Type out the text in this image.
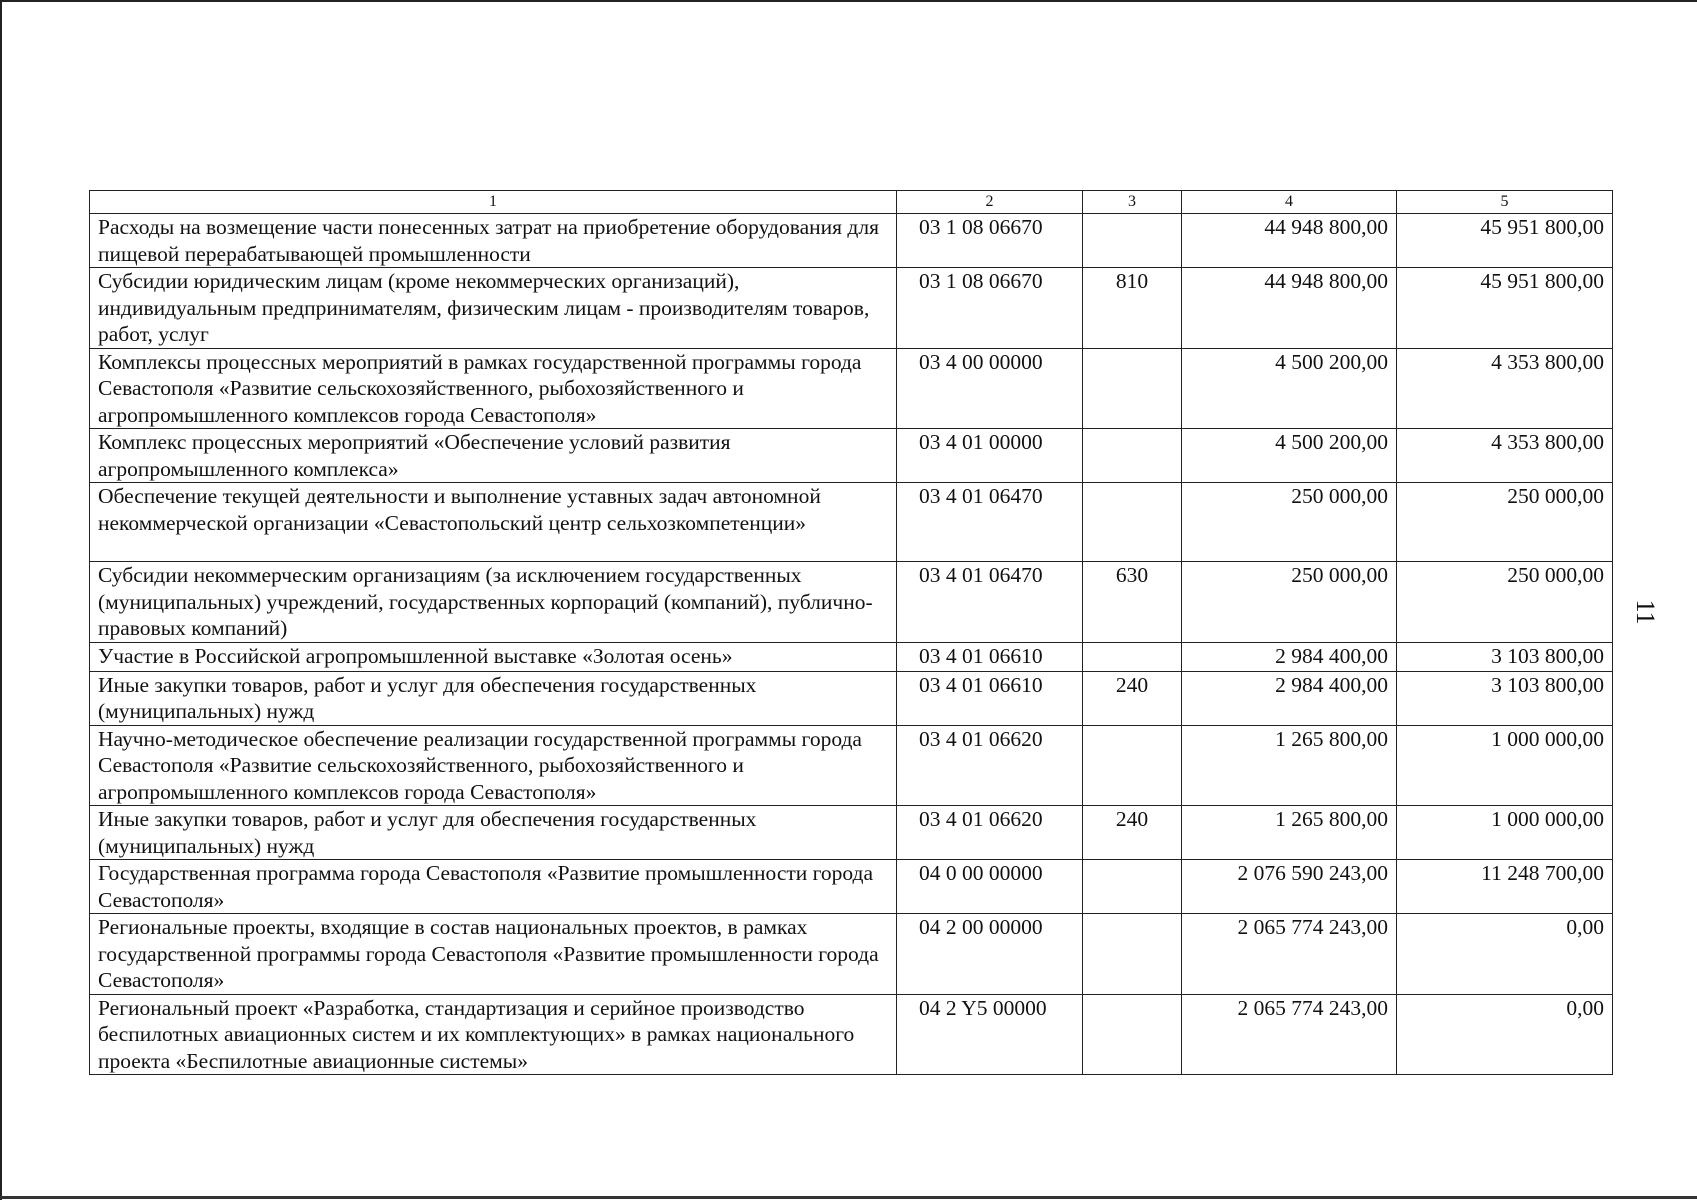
1	2	3	4	5
Расходы на возмещение части понесенных затрат на приобретение оборудования для пищевой перерабатывающей промышленности	03 1 08 06670		44 948 800,00	45 951 800,00
Субсидии юридическим лицам (кроме некоммерческих организаций), индивидуальным предпринимателям, физическим лицам - производителям товаров, работ, услуг	03 1 08 06670	810	44 948 800,00	45 951 800,00
Комплексы процессных мероприятий в рамках государственной программы города Севастополя «Развитие сельскохозяйственного, рыбохозяйственного и агропромышленного комплексов города Севастополя»	03 4 00 00000		4 500 200,00	4 353 800,00
Комплекс процессных мероприятий «Обеспечение условий развития агропромышленного комплекса»	03 4 01 00000		4 500 200,00	4 353 800,00
Обеспечение текущей деятельности и выполнение уставных задач автономной некоммерческой организации «Севастопольский центр сельхозкомпетенции»	03 4 01 06470		250 000,00	250 000,00
Субсидии некоммерческим организациям (за исключением государственных (муниципальных) учреждений, государственных корпораций (компаний), публично-правовых компаний)	03 4 01 06470	630	250 000,00	250 000,00
Участие в Российской агропромышленной выставке «Золотая осень»	03 4 01 06610		2 984 400,00	3 103 800,00
Иные закупки товаров, работ и услуг для обеспечения государственных (муниципальных) нужд	03 4 01 06610	240	2 984 400,00	3 103 800,00
Научно-методическое обеспечение реализации государственной программы города Севастополя «Развитие сельскохозяйственного, рыбохозяйственного и агропромышленного комплексов города Севастополя»	03 4 01 06620		1 265 800,00	1 000 000,00
Иные закупки товаров, работ и услуг для обеспечения государственных (муниципальных) нужд	03 4 01 06620	240	1 265 800,00	1 000 000,00
Государственная программа города Севастополя «Развитие промышленности города Севастополя»	04 0 00 00000		2 076 590 243,00	11 248 700,00
Региональные проекты, входящие в состав национальных проектов, в рамках государственной программы города Севастополя «Развитие промышленности города Севастополя»	04 2 00 00000		2 065 774 243,00	0,00
Региональный проект «Разработка, стандартизация и серийное производство беспилотных авиационных систем и их комплектующих» в рамках национального проекта «Беспилотные авиационные системы»	04 2 Y5 00000		2 065 774 243,00	0,00
11
